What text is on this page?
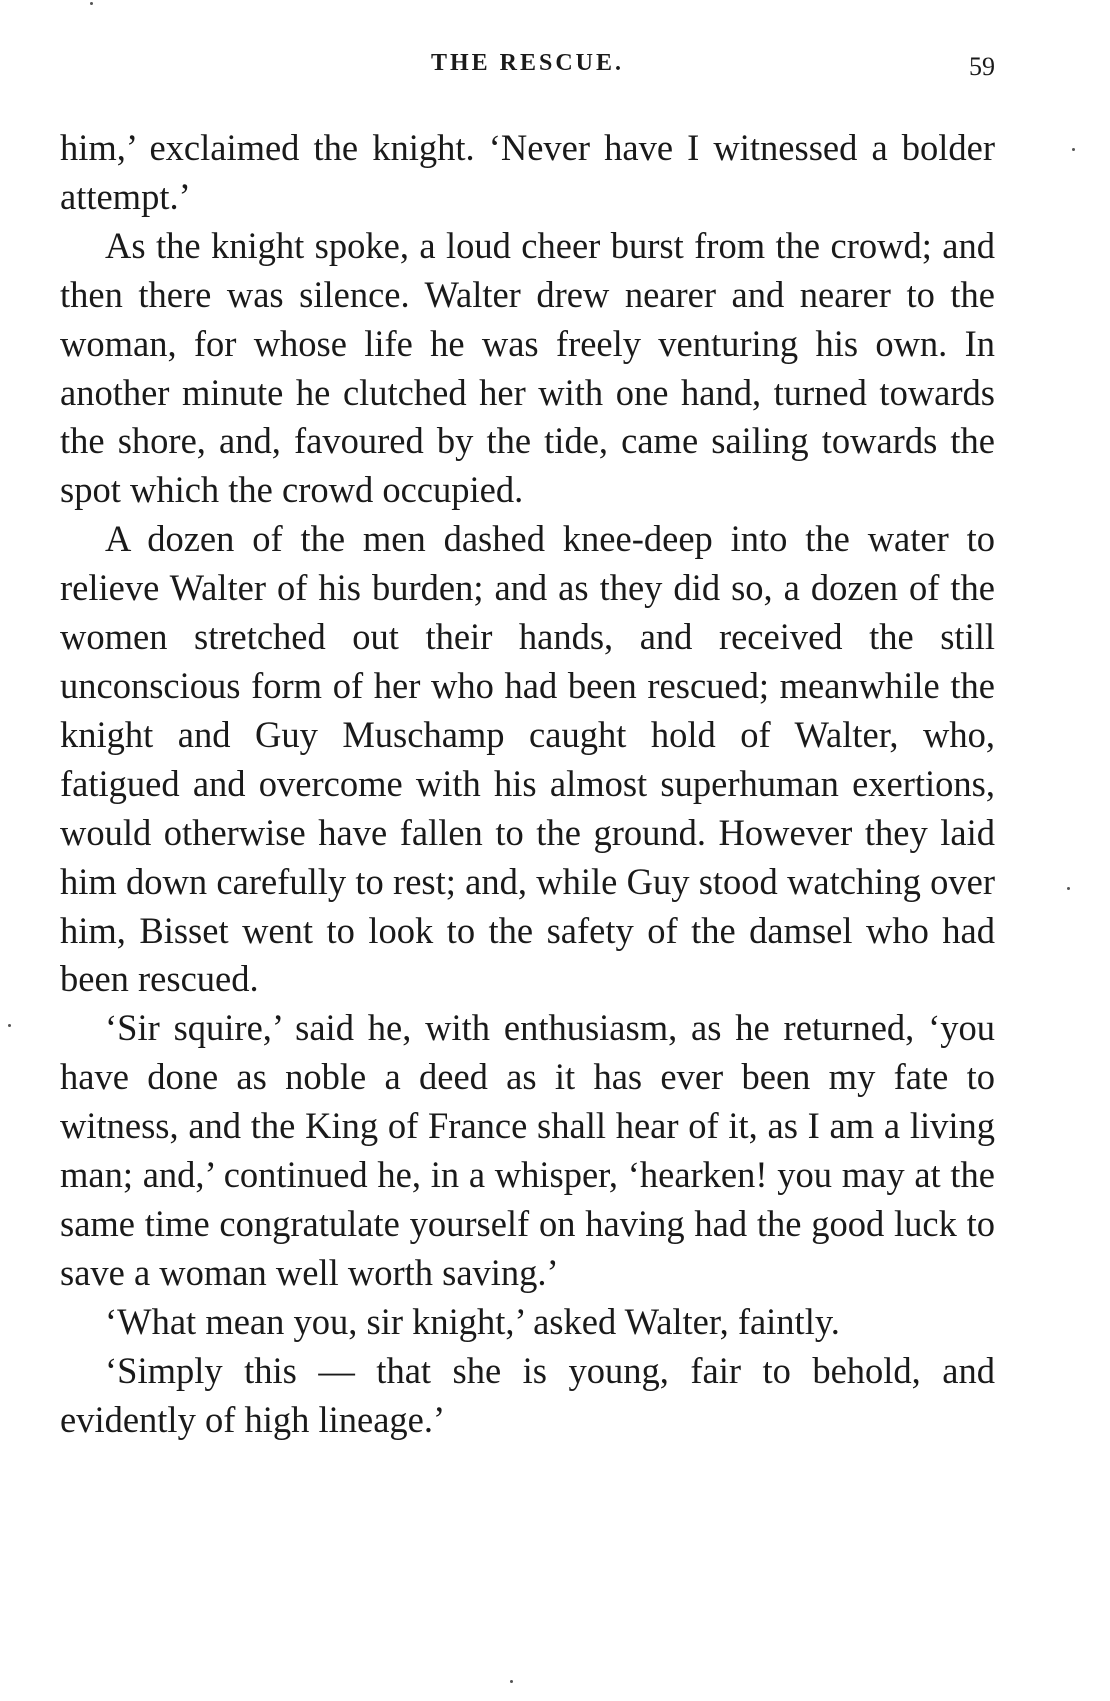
THE RESCUE.	59

him,’ exclaimed the knight. ‘Never have I witnessed a bolder attempt.’

As the knight spoke, a loud cheer burst from the crowd; and then there was silence. Walter drew nearer and nearer to the woman, for whose life he was freely venturing his own. In another minute he clutched her with one hand, turned towards the shore, and, favoured by the tide, came sailing towards the spot which the crowd occupied.

A dozen of the men dashed knee-deep into the water to relieve Walter of his burden; and as they did so, a dozen of the women stretched out their hands, and received the still unconscious form of her who had been rescued; meanwhile the knight and Guy Muschamp caught hold of Walter, who, fatigued and overcome with his almost superhuman exertions, would otherwise have fallen to the ground. However they laid him down carefully to rest; and, while Guy stood watching over him, Bisset went to look to the safety of the damsel who had been rescued.

‘Sir squire,’ said he, with enthusiasm, as he returned, ‘you have done as noble a deed as it has ever been my fate to witness, and the King of France shall hear of it, as I am a living man; and,’ continued he, in a whisper, ‘hearken! you may at the same time congratulate yourself on having had the good luck to save a woman well worth saving.’

‘What mean you, sir knight,’ asked Walter, faintly.

‘Simply this — that she is young, fair to behold, and evidently of high lineage.’
